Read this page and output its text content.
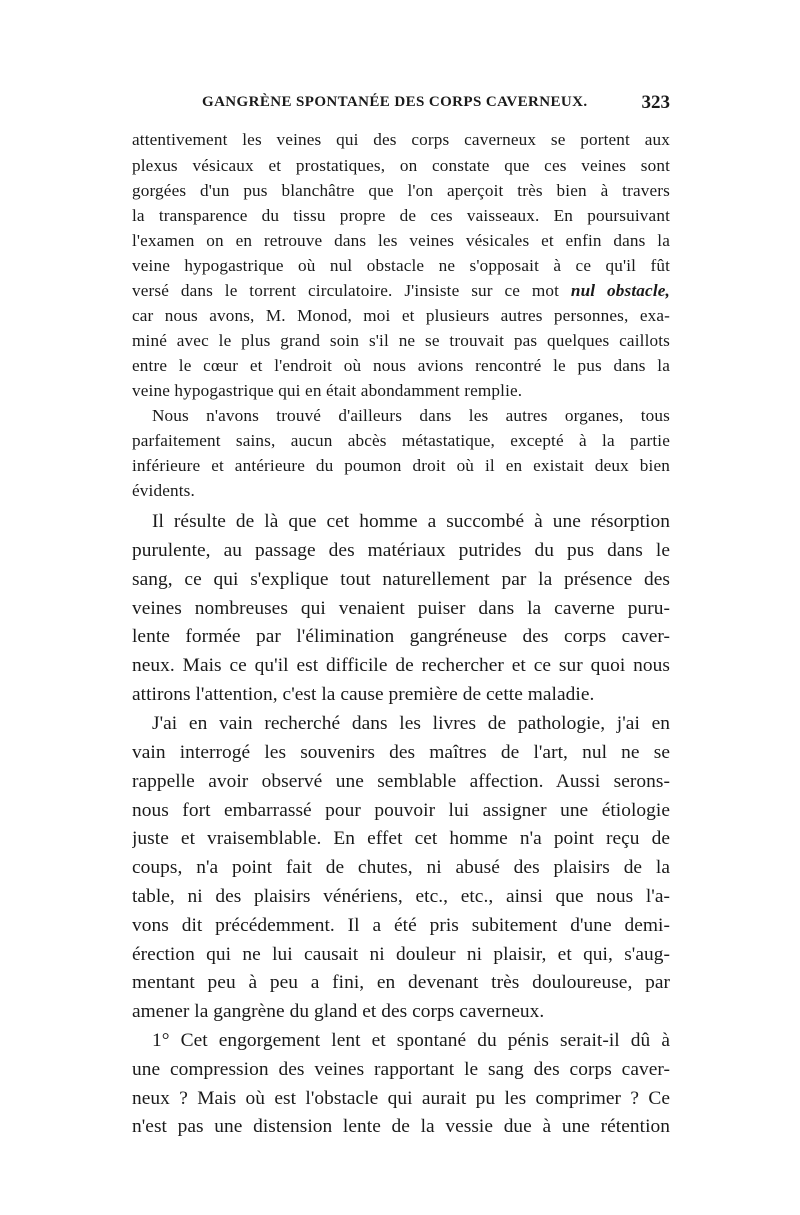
GANGRÈNE SPONTANÉE DES CORPS CAVERNEUX.	323
attentivement les veines qui des corps caverneux se portent aux
plexus vésicaux et prostatiques, on constate que ces veines sont
gorgées d'un pus blanchâtre que l'on aperçoit très bien à travers
la transparence du tissu propre de ces vaisseaux. En poursuivant
l'examen on en retrouve dans les veines vésicales et enfin dans la
veine hypogastrique où nul obstacle ne s'opposait à ce qu'il fût
versé dans le torrent circulatoire. J'insiste sur ce mot nul obstacle,
car nous avons, M. Monod, moi et plusieurs autres personnes, exa-
miné avec le plus grand soin s'il ne se trouvait pas quelques caillots
entre le cœur et l'endroit où nous avions rencontré le pus dans la
veine hypogastrique qui en était abondamment remplie.
Nous n'avons trouvé d'ailleurs dans les autres organes, tous
parfaitement sains, aucun abcès métastatique, excepté à la partie
inférieure et antérieure du poumon droit où il en existait deux bien
évidents.
Il résulte de là que cet homme a succombé à une résorption
purulente, au passage des matériaux putrides du pus dans le
sang, ce qui s'explique tout naturellement par la présence des
veines nombreuses qui venaient puiser dans la caverne puru-
lente formée par l'élimination gangréneuse des corps caver-
neux. Mais ce qu'il est difficile de rechercher et ce sur quoi nous
attirons l'attention, c'est la cause première de cette maladie.
J'ai en vain recherché dans les livres de pathologie, j'ai en
vain interrogé les souvenirs des maîtres de l'art, nul ne se
rappelle avoir observé une semblable affection. Aussi serons-
nous fort embarrassé pour pouvoir lui assigner une étiologie
juste et vraisemblable. En effet cet homme n'a point reçu de
coups, n'a point fait de chutes, ni abusé des plaisirs de la
table, ni des plaisirs vénériens, etc., etc., ainsi que nous l'a-
vons dit précédemment. Il a été pris subitement d'une demi-
érection qui ne lui causait ni douleur ni plaisir, et qui, s'aug-
mentant peu à peu a fini, en devenant très douloureuse, par
amener la gangrène du gland et des corps caverneux.
1° Cet engorgement lent et spontané du pénis serait-il dû à
une compression des veines rapportant le sang des corps caver-
neux ? Mais où est l'obstacle qui aurait pu les comprimer ? Ce
n'est pas une distension lente de la vessie due à une rétention
